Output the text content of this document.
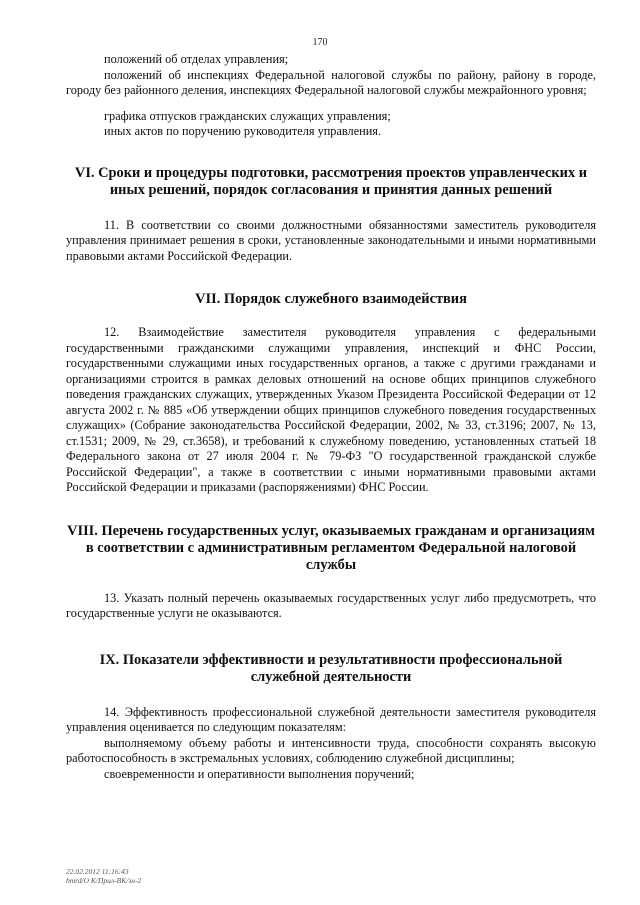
170

положений об отделах управления;

положений об инспекциях Федеральной налоговой службы по району, району в городе, городу без районного деления, инспекциях Федеральной налоговой службы межрайонного уровня;

графика отпусков гражданских служащих управления;

иных актов по поручению руководителя управления.

VI. Сроки и процедуры подготовки, рассмотрения проектов управленческих и иных решений, порядок согласования и принятия данных решений

11. В соответствии со своими должностными обязанностями заместитель руководителя управления принимает решения в сроки, установленные законодательными и иными нормативными правовыми актами Российской Федерации.

VII. Порядок служебного взаимодействия

12. Взаимодействие заместителя руководителя управления с федеральными государственными гражданскими служащими управления, инспекций и ФНС России, государственными служащими иных государственных органов, а также с другими гражданами и организациями строится в рамках деловых отношений на основе общих принципов служебного поведения гражданских служащих, утвержденных Указом Президента Российской Федерации от 12 августа 2002 г. № 885 «Об утверждении общих принципов служебного поведения государственных служащих» (Собрание законодательства Российской Федерации, 2002, № 33, ст.3196; 2007, № 13, ст.1531; 2009, № 29, ст.3658), и требований к служебному поведению, установленных статьей 18 Федерального закона от 27 июля 2004 г. № 79-ФЗ "О государственной гражданской службе Российской Федерации", а также в соответствии с иными нормативными правовыми актами Российской Федерации и приказами (распоряжениями) ФНС России.

VIII. Перечень государственных услуг, оказываемых гражданам и организациям в соответствии с административным регламентом Федеральной налоговой службы

13. Указать полный перечень оказываемых государственных услуг либо предусмотреть, что государственные услуги не оказываются.

IX. Показатели эффективности и результативности профессиональной служебной деятельности

14. Эффективность профессиональной служебной деятельности заместителя руководителя управления оценивается по следующим показателям:

выполняемому объему работы и интенсивности труда, способности сохранять высокую работоспособность в экстремальных условиях, соблюдению служебной дисциплины;

своевременности и оперативности выполнения поручений;

22.02.2012 11:16:43
bmrd/O К/Прил-ВК/зн-2
